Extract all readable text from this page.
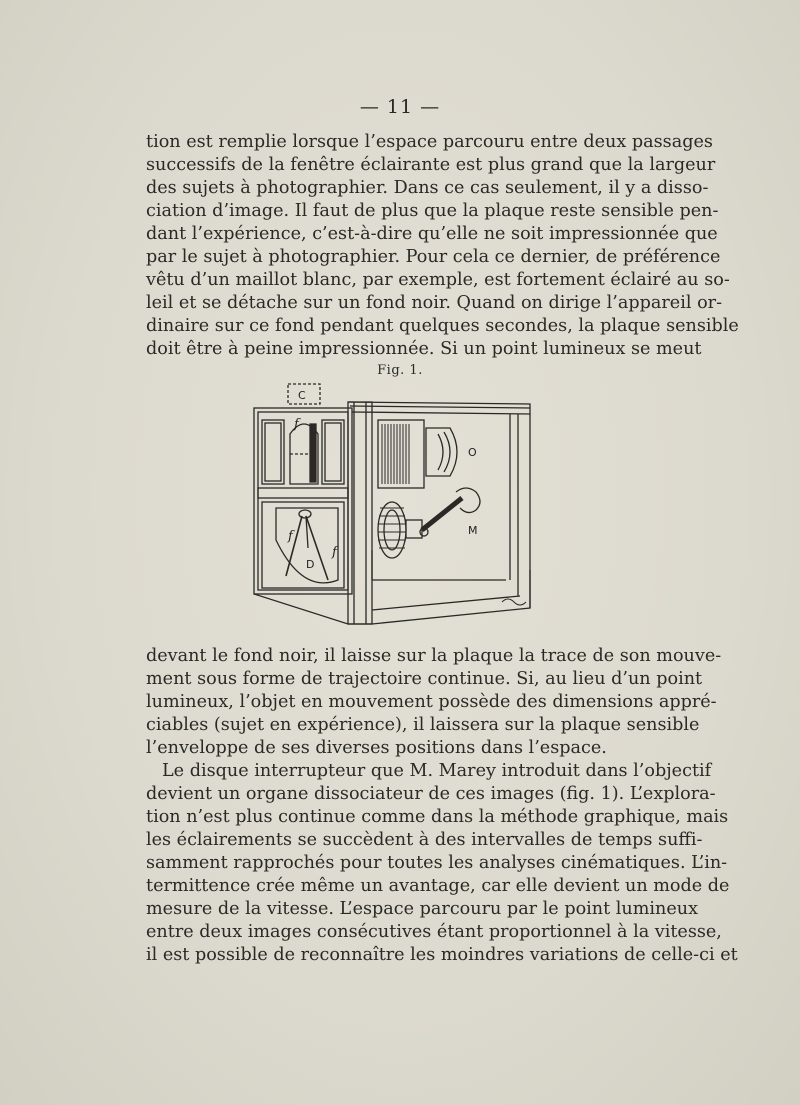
— 11 —
tion est remplie lorsque l’espace parcouru entre deux passages
successifs de la fenêtre éclairante est plus grand que la largeur
des sujets à photographier. Dans ce cas seulement, il y a disso-
ciation d’image. Il faut de plus que la plaque reste sensible pen-
dant l’expérience, c’est-à-dire qu’elle ne soit impressionnée que
par le sujet à photographier. Pour cela ce dernier, de préférence
vêtu d’un maillot blanc, par exemple, est fortement éclairé au so-
leil et se détache sur un fond noir. Quand on dirige l’appareil or-
dinaire sur ce fond pendant quelques secondes, la plaque sensible
doit être à peine impressionnée. Si un point lumineux se meut
Fig. 1.
C
f
O
M
f
D
f
devant le fond noir, il laisse sur la plaque la trace de son mouve-
ment sous forme de trajectoire continue. Si, au lieu d’un point
lumineux, l’objet en mouvement possède des dimensions appré-
ciables (sujet en expérience), il laissera sur la plaque sensible
l’enveloppe de ses diverses positions dans l’espace.
Le disque interrupteur que M. Marey introduit dans l’objectif
devient un organe dissociateur de ces images (fig. 1). L’explora-
tion n’est plus continue comme dans la méthode graphique, mais
les éclairements se succèdent à des intervalles de temps suffi-
samment rapprochés pour toutes les analyses cinématiques. L’in-
termittence crée même un avantage, car elle devient un mode de
mesure de la vitesse. L’espace parcouru par le point lumineux
entre deux images consécutives étant proportionnel à la vitesse,
il est possible de reconnaître les moindres variations de celle-ci et
